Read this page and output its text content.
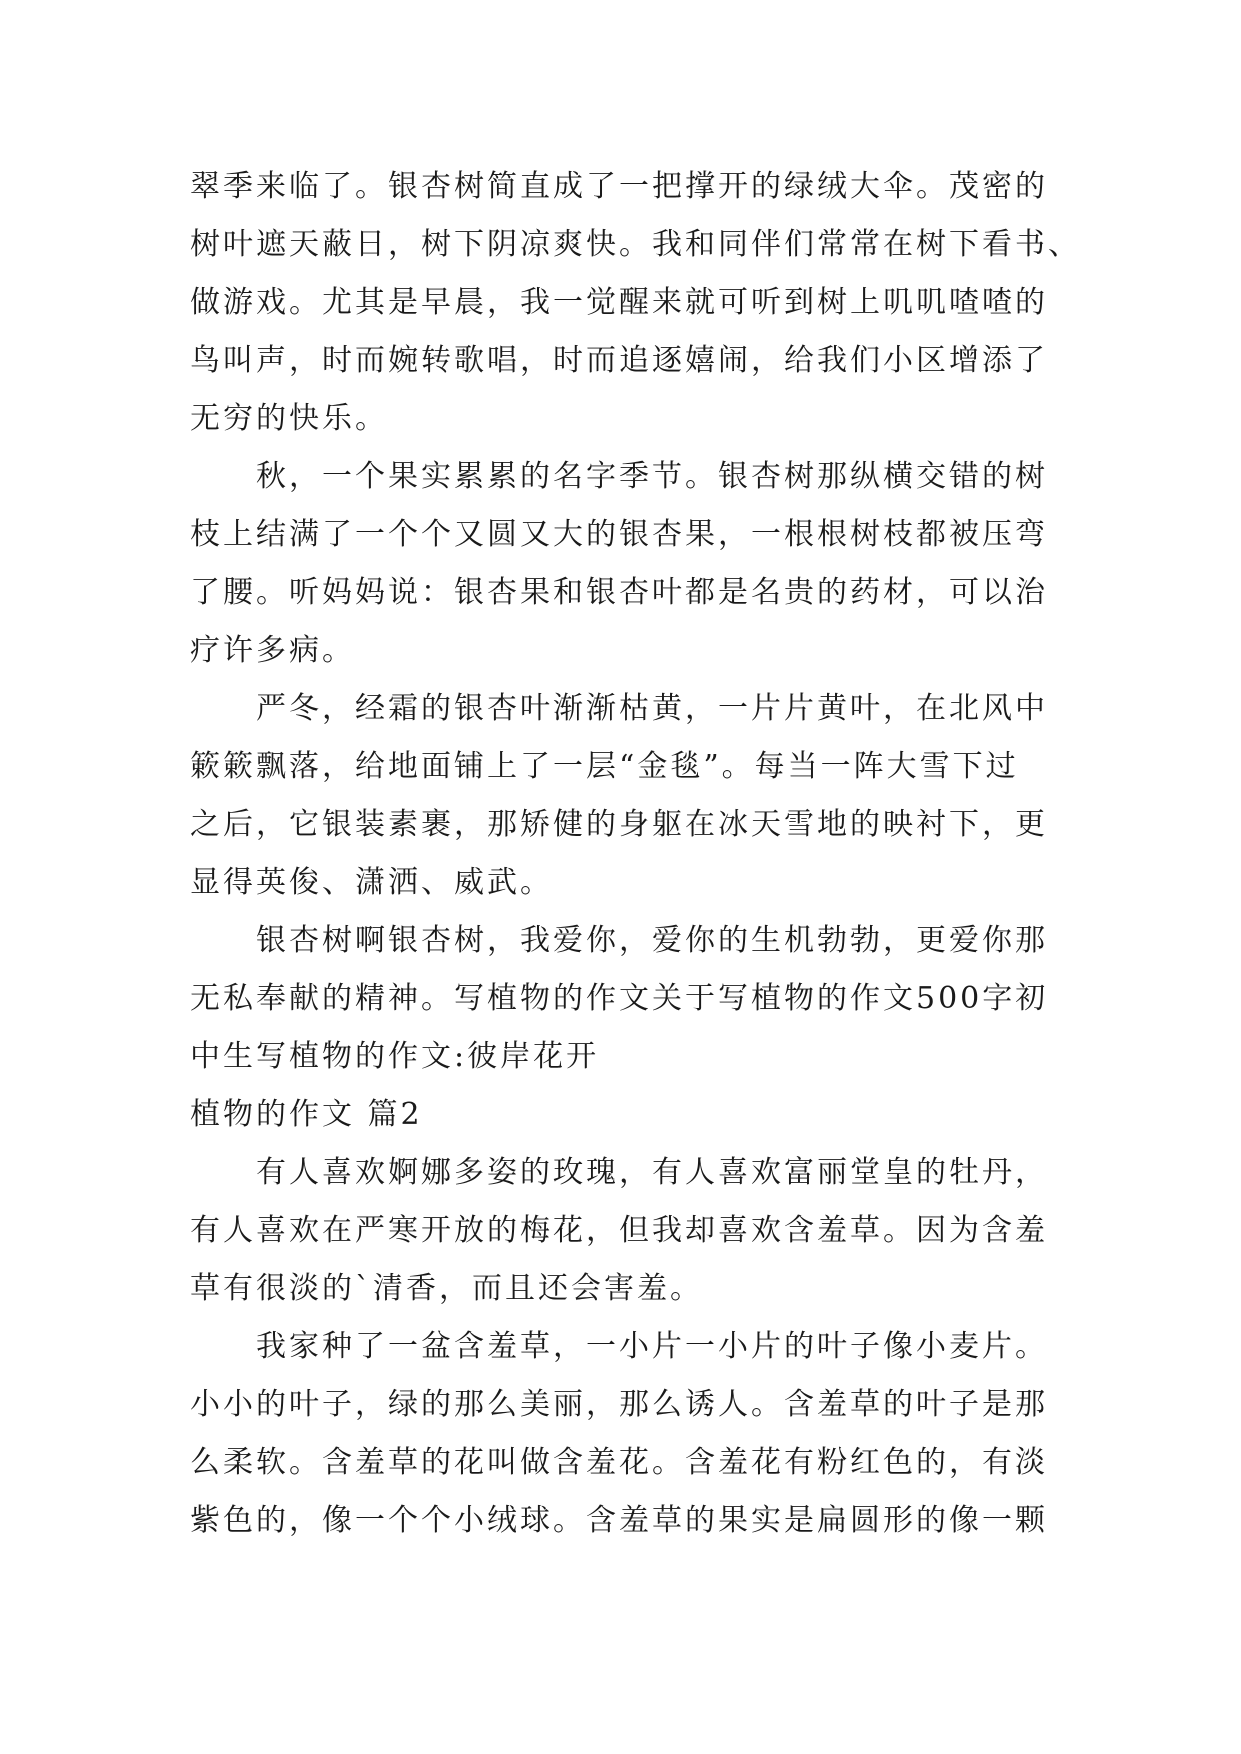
翠季来临了。银杏树简直成了一把撑开的绿绒大伞。茂密的
树叶遮天蔽日，树下阴凉爽快。我和同伴们常常在树下看书、
做游戏。尤其是早晨，我一觉醒来就可听到树上叽叽喳喳的
鸟叫声，时而婉转歌唱，时而追逐嬉闹，给我们小区增添了
无穷的快乐。
秋，一个果实累累的名字季节。银杏树那纵横交错的树
枝上结满了一个个又圆又大的银杏果，一根根树枝都被压弯
了腰。听妈妈说：银杏果和银杏叶都是名贵的药材，可以治
疗许多病。
严冬，经霜的银杏叶渐渐枯黄，一片片黄叶，在北风中
簌簌飘落，给地面铺上了一层“金毯”。每当一阵大雪下过
之后，它银装素裹，那矫健的身躯在冰天雪地的映衬下，更
显得英俊、潇洒、威武。
银杏树啊银杏树，我爱你，爱你的生机勃勃，更爱你那
无私奉献的精神。写植物的作文关于写植物的作文500字初
中生写植物的作文:彼岸花开
植物的作文 篇2
有人喜欢婀娜多姿的玫瑰，有人喜欢富丽堂皇的牡丹，
有人喜欢在严寒开放的梅花，但我却喜欢含羞草。因为含羞
草有很淡的`清香，而且还会害羞。
我家种了一盆含羞草，一小片一小片的叶子像小麦片。
小小的叶子，绿的那么美丽，那么诱人。含羞草的叶子是那
么柔软。含羞草的花叫做含羞花。含羞花有粉红色的，有淡
紫色的，像一个个小绒球。含羞草的果实是扁圆形的像一颗
